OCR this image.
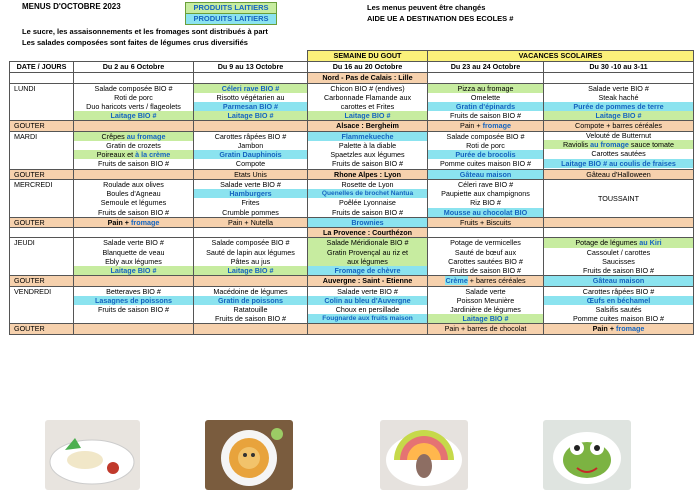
MENUS D'OCTOBRE 2023	PRODUITS LAITIERS
PRODUITS LAITIERS
Le sucre, les assaisonnements et les fromages sont distribués à part
Les salades composées sont faites de légumes crus diversifiés
Les menus peuvent être changés
AIDE UE A DESTINATION DES ECOLES #
			SEMAINE DU GOUT	VACANCES SCOLAIRES	
DATE / JOURS	Du 2 au 6 Octobre	Du 9 au 13 Octobre	Du 16 au 20 Octobre	Du 23 au 24 Octobre	Du 30 -10 au 3-11
			Nord - Pas de Calais : Lille		
LUNDI	Salade composée BIO #
Roti de porc
Duo haricots verts / flageolets
Laitage BIO #	Céleri rave BIO #
Risotto végétarien au
Parmesan BIO #
Laitage BIO #	Chicon BIO # (endives)
Carbonnade Flamande aux
carottes et Frites
Laitage BIO #	Pizza au fromage
Omelette
Gratin d'épinards
Fruits de saison BIO #	Salade verte BIO #
Steak haché
Purée de pommes de terre
Laitage BIO #

GOUTER			Alsace : Bergheim	Pain + fromage	Compote + barres céréales
MARDI	Crêpes au fromage
Gratin de crozets
Poireaux et à la crème
Fruits de saison BIO #	Carottes râpées BIO #
Jambon
Gratin Dauphinois
Compote	Flammekueche
Palette à la diable
Spaetzles aux légumes
Fruits de saison BIO #	Salade composée BIO #
Roti de porc
Purée de brocolis
Pomme cuites maison BIO #	Velouté de Butternut
Raviolis au fromage sauce tomate
Carottes sautées
Laitage BIO # au coulis de fraises

GOUTER		Etats Unis	Rhone Alpes : Lyon	Gâteau maison	Gâteau d'Halloween
MERCREDI	Roulade aux olives
Boules d'Agneau
Semoule et légumes
Fruits de saison BIO #	Salade verte BIO #
Hamburgers
Frites
Crumble pommes	Rosette de Lyon
Quenelles de brochet Nantua
Poêlée Lyonnaise
Fruits de saison BIO #	Céleri rave BIO #
Paupiette aux champignons
Riz BIO #
Mousse au chocolat BIO	TOUSSAINT
GOUTER	Pain + fromage	Pain + Nutella	Brownies	Fruits + Biscuits	
			La Provence : Courthézon		
JEUDI	Salade verte BIO #
Blanquette de veau
Ebly aux légumes
Laitage BIO #	Salade composée BIO #
Sauté de lapin aux légumes
Pâtes au jus
Laitage BIO #	Salade Méridionale BIO #
Gratin Provençal au riz et
aux légumes
Fromage de chèvre	Potage de vermicelles
Sauté de bœuf aux
Carottes sautées BIO #
Fruits de saison BIO #	Potage de légumes au Kiri
Cassoulet / carottes
Saucisses
Fruits de saison BIO #

GOUTER			Auvergne : Saint - Etienne	Crème + barres céréales	Gâteau maison
VENDREDI	Betteraves BIO #
Lasagnes de poissons
Fruits de saison BIO #	Macédoine de légumes
Gratin de poissons
Ratatouille
Fruits de saison BIO #	Salade verte BIO #
Colin au bleu d'Auvergne
Choux en persillade
Fougnarde aux fruits maison	Salade verte
Poisson Meunière
Jardinière de légumes
Laitage BIO #	Carottes râpées BIO #
Œufs en béchamel
Salsifis sautés
Pomme cuites maison BIO #

GOUTER				Pain + barres de chocolat	Pain + fromage
